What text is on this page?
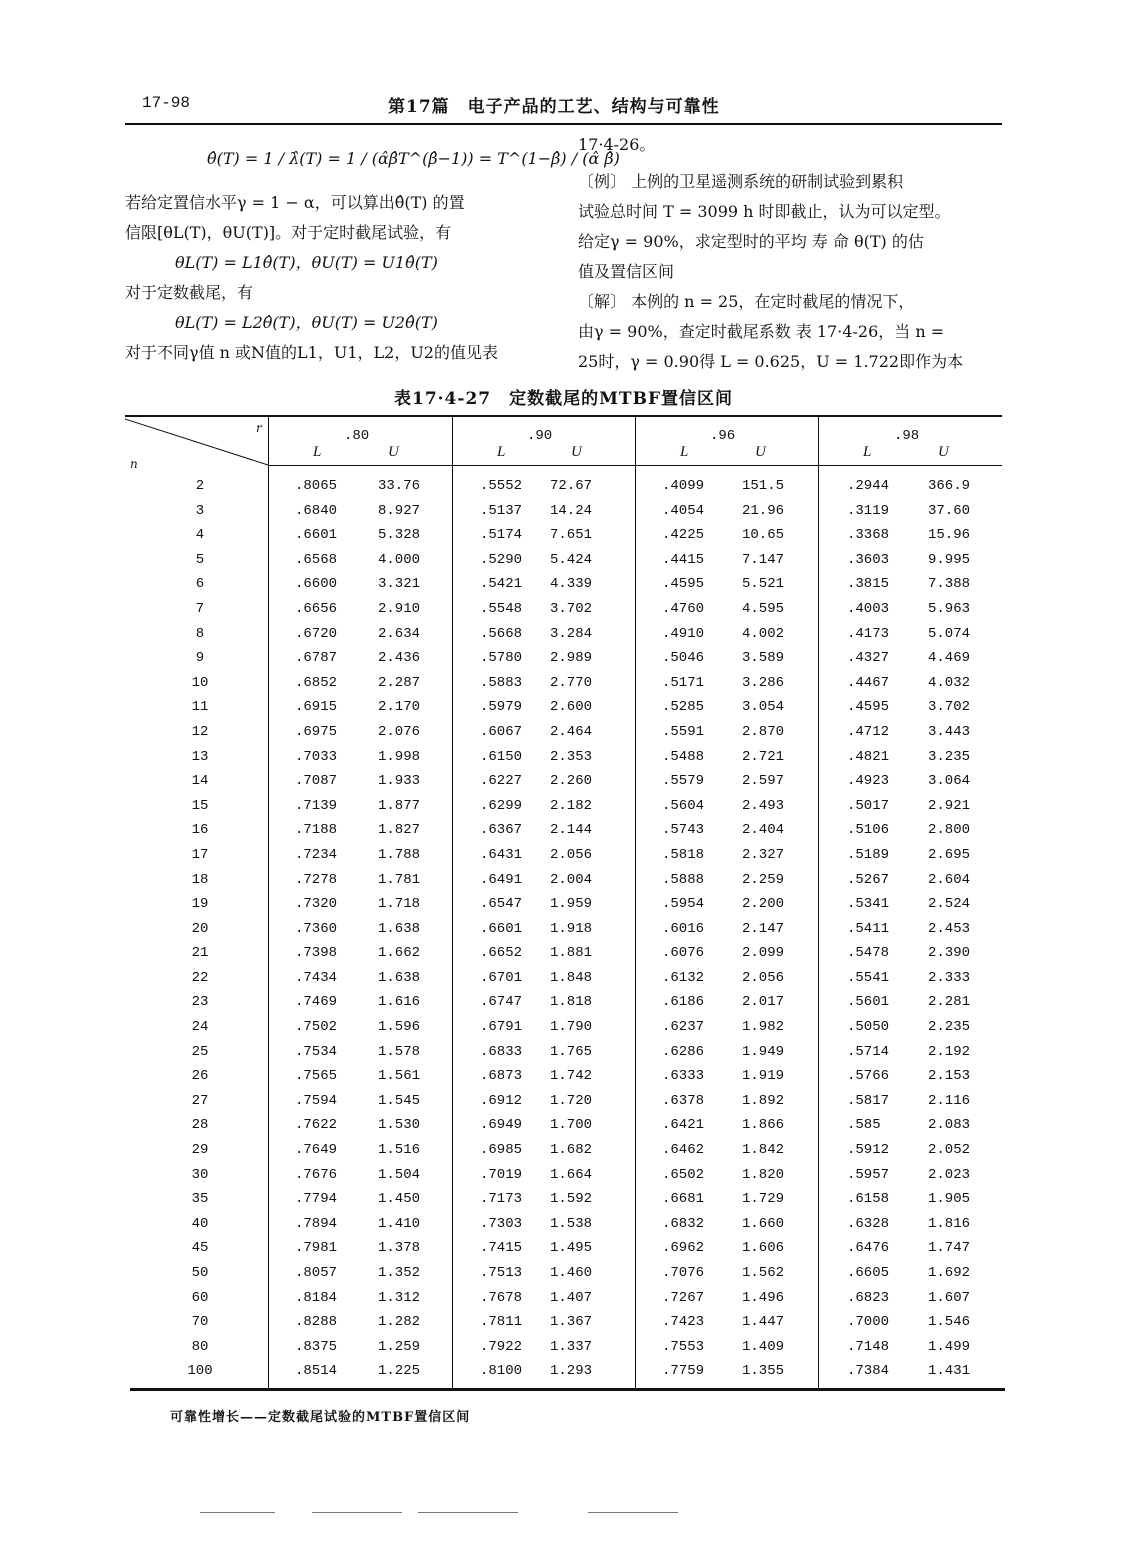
17-98	第17篇　电子产品的工艺、结构与可靠性
θ̂(T) = 1 / λ̂(T) = 1 / (α̂β̂T^(β̂−1)) = T^(1−β̂) / (α̂ β̂)
若给定置信水平γ = 1 − α，可以算出θ̂(T) 的置
信限[θL(T)，θU(T)]。对于定时截尾试验，有
θL(T) = L1θ̂(T)，θU(T) = U1θ̂(T)
对于定数截尾，有
θL(T) = L2θ̂(T)，θU(T) = U2θ̂(T)
对于不同γ值 n 或N值的L1，U1，L2，U2的值见表
17·4-26。
〔例〕 上例的卫星遥测系统的研制试验到累积
试验总时间 T = 3099 h 时即截止，认为可以定型。
给定γ = 90%，求定型时的平均 寿 命 θ(T) 的估
值及置信区间
〔解〕 本例的 n = 25，在定时截尾的情况下，
由γ = 90%，查定时截尾系数 表 17·4-26，当 n =
25时，γ = 0.90得 L = 0.625，U = 1.722即作为本
表17·4-27　定数截尾的MTBF置信区间
r
n
.80	.90	.96	.98
L	U	L	U	L	U	L	U
2	.8065	33.76	.5552 72.67	.4099	151.5	.2944	366.9
3	.6840	8.927	.5137 14.24	.4054	21.96	.3119	37.60
4	.6601	5.328	.5174 7.651	.4225	10.65	.3368	15.96
5	.6568	4.000	.5290 5.424	.4415	7.147	.3603	9.995
6	.6600	3.321	.5421 4.339	.4595	5.521	.3815	7.388
7	.6656	2.910	.5548 3.702	.4760	4.595	.4003	5.963
8	.6720	2.634	.5668 3.284	.4910	4.002	.4173	5.074
9	.6787	2.436	.5780 2.989	.5046	3.589	.4327	4.469
10	.6852	2.287	.5883 2.770	.5171	3.286	.4467	4.032
11	.6915	2.170	.5979 2.600	.5285	3.054	.4595	3.702
12	.6975	2.076	.6067 2.464	.5591	2.870	.4712	3.443
13	.7033	1.998	.6150 2.353	.5488	2.721	.4821	3.235
14	.7087	1.933	.6227 2.260	.5579	2.597	.4923	3.064
15	.7139	1.877	.6299 2.182	.5604	2.493	.5017	2.921
16	.7188	1.827	.6367 2.144	.5743	2.404	.5106	2.800
17	.7234	1.788	.6431 2.056	.5818	2.327	.5189	2.695
18	.7278	1.781	.6491 2.004	.5888	2.259	.5267	2.604
19	.7320	1.718	.6547 1.959	.5954	2.200	.5341	2.524
20	.7360	1.638	.6601 1.918	.6016	2.147	.5411	2.453
21	.7398	1.662	.6652 1.881	.6076	2.099	.5478	2.390
22	.7434	1.638	.6701 1.848	.6132	2.056	.5541	2.333
23	.7469	1.616	.6747 1.818	.6186	2.017	.5601	2.281
24	.7502	1.596	.6791 1.790	.6237	1.982	.5050	2.235
25	.7534	1.578	.6833 1.765	.6286	1.949	.5714	2.192
26	.7565	1.561	.6873 1.742	.6333	1.919	.5766	2.153
27	.7594	1.545	.6912 1.720	.6378	1.892	.5817	2.116
28	.7622	1.530	.6949 1.700	.6421	1.866	.585	2.083
29	.7649	1.516	.6985 1.682	.6462	1.842	.5912	2.052
30	.7676	1.504	.7019 1.664	.6502	1.820	.5957	2.023
35	.7794	1.450	.7173 1.592	.6681	1.729	.6158	1.905
40	.7894	1.410	.7303 1.538	.6832	1.660	.6328	1.816
45	.7981	1.378	.7415 1.495	.6962	1.606	.6476	1.747
50	.8057	1.352	.7513 1.460	.7076	1.562	.6605	1.692
60	.8184	1.312	.7678 1.407	.7267	1.496	.6823	1.607
70	.8288	1.282	.7811 1.367	.7423	1.447	.7000	1.546
80	.8375	1.259	.7922 1.337	.7553	1.409	.7148	1.499
100	.8514	1.225	.8100 1.293	.7759	1.355	.7384	1.431
可靠性增长——定数截尾试验的MTBF置信区间
